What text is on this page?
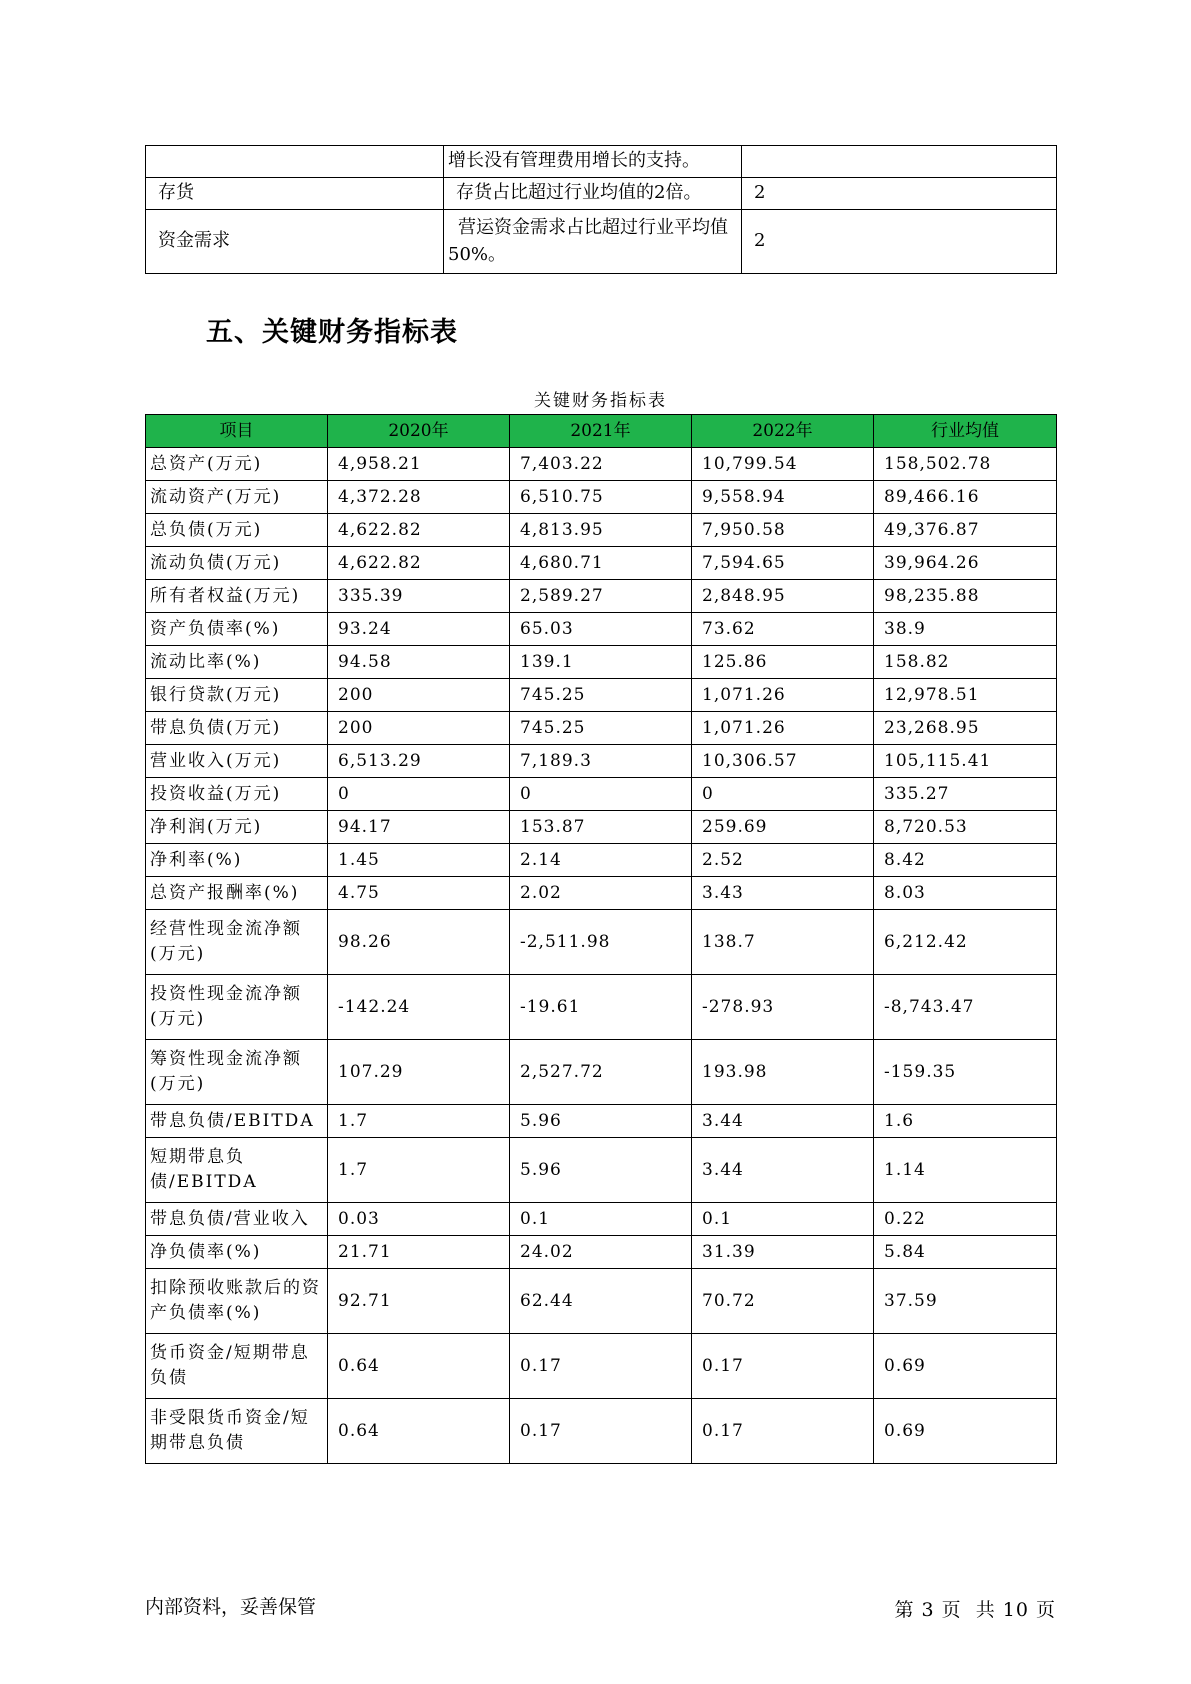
	增长没有管理费用增长的支持。	
存货	存货占比超过行业均值的2倍。	2
资金需求	营运资金需求占比超过行业平均值50%。	2
五、关键财务指标表
关键财务指标表
项目	2020年	2021年	2022年	行业均值
总资产(万元)	4,958.21	7,403.22	10,799.54	158,502.78
流动资产(万元)	4,372.28	6,510.75	9,558.94	89,466.16
总负债(万元)	4,622.82	4,813.95	7,950.58	49,376.87
流动负债(万元)	4,622.82	4,680.71	7,594.65	39,964.26
所有者权益(万元)	335.39	2,589.27	2,848.95	98,235.88
资产负债率(%)	93.24	65.03	73.62	38.9
流动比率(%)	94.58	139.1	125.86	158.82
银行贷款(万元)	200	745.25	1,071.26	12,978.51
带息负债(万元)	200	745.25	1,071.26	23,268.95
营业收入(万元)	6,513.29	7,189.3	10,306.57	105,115.41
投资收益(万元)	0	0	0	335.27
净利润(万元)	94.17	153.87	259.69	8,720.53
净利率(%)	1.45	2.14	2.52	8.42
总资产报酬率(%)	4.75	2.02	3.43	8.03
经营性现金流净额(万元)	98.26	-2,511.98	138.7	6,212.42
投资性现金流净额(万元)	-142.24	-19.61	-278.93	-8,743.47
筹资性现金流净额(万元)	107.29	2,527.72	193.98	-159.35
带息负债/EBITDA	1.7	5.96	3.44	1.6
短期带息负债/EBITDA	1.7	5.96	3.44	1.14
带息负债/营业收入	0.03	0.1	0.1	0.22
净负债率(%)	21.71	24.02	31.39	5.84
扣除预收账款后的资产负债率(%)	92.71	62.44	70.72	37.59
货币资金/短期带息负债	0.64	0.17	0.17	0.69
非受限货币资金/短期带息负债	0.64	0.17	0.17	0.69
内部资料，妥善保管	第 3 页  共 10 页
